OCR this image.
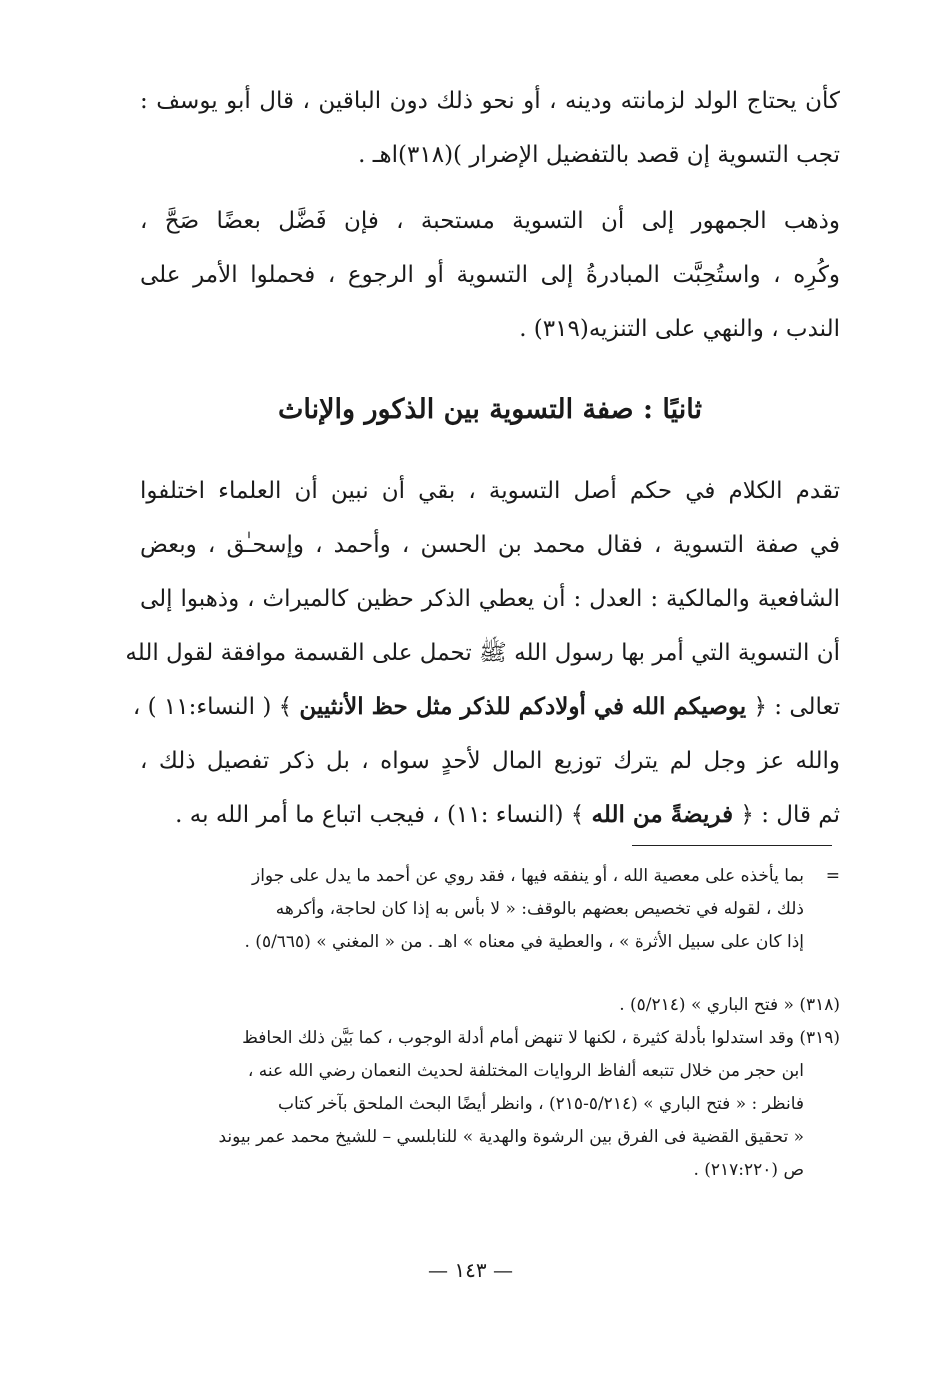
كأن يحتاج الولد لزمانته ودينه ، أو نحو ذلك دون الباقين ، قال أبو يوسف :
تجب التسوية إن قصد بالتفضيل الإضرار )(٣١٨)اهـ .
وذهب الجمهور إلى أن التسوية مستحبة ، فإن فَضَّل بعضًا صَحَّ ،
وكُرِه ، واستُحِبَّت المبادرةُ إلى التسوية أو الرجوع ، فحملوا الأمر على
الندب ، والنهي على التنزيه(٣١٩) .
ثانيًا : صفة التسوية بين الذكور والإناث
تقدم الكلام في حكم أصل التسوية ، بقي أن نبين أن العلماء اختلفوا
في صفة التسوية ، فقال محمد بن الحسن ، وأحمد ، وإسحـٰق ، وبعض
الشافعية والمالكية : العدل : أن يعطي الذكر حظين كالميراث ، وذهبوا إلى
أن التسوية التي أمر بها رسول الله ﷺ تحمل على القسمة موافقة لقول الله
تعالى : ﴿ يوصيكم الله في أولادكم للذكر مثل حظ الأنثيين ﴾ ( النساء:١١ ) ،
والله عز وجل لم يترك توزيع المال لأحدٍ سواه ، بل ذكر تفصيل ذلك ،
ثم قال : ﴿ فريضةً من الله ﴾ (النساء :١١) ، فيجب اتباع ما أمر الله به .
=
بما يأخذه على معصية الله ، أو ينفقه فيها ، فقد روي عن أحمد ما يدل على جواز
ذلك ، لقوله في تخصيص بعضهم بالوقف: « لا بأس به إذا كان لحاجة، وأكرهه
إذا كان على سبيل الأثرة » ، والعطية في معناه » اهـ . من « المغني » (٥/٦٦٥) .
(٣١٨) « فتح الباري » (٥/٢١٤) .
(٣١٩) وقد استدلوا بأدلة كثيرة ، لكنها لا تنهض أمام أدلة الوجوب ، كما بَيَّن ذلك الحافظ
ابن حجر من خلال تتبعه ألفاظ الروايات المختلفة لحديث النعمان رضي الله عنه ،
فانظر : « فتح الباري » (٥/٢١٤-٢١٥) ، وانظر أيضًا البحث الملحق بآخر كتاب
« تحقيق القضية فى الفرق بين الرشوة والهدية » للنابلسي – للشيخ محمد عمر بيوند
ص (٢١٧:٢٢٠) .
— ١٤٣ —
